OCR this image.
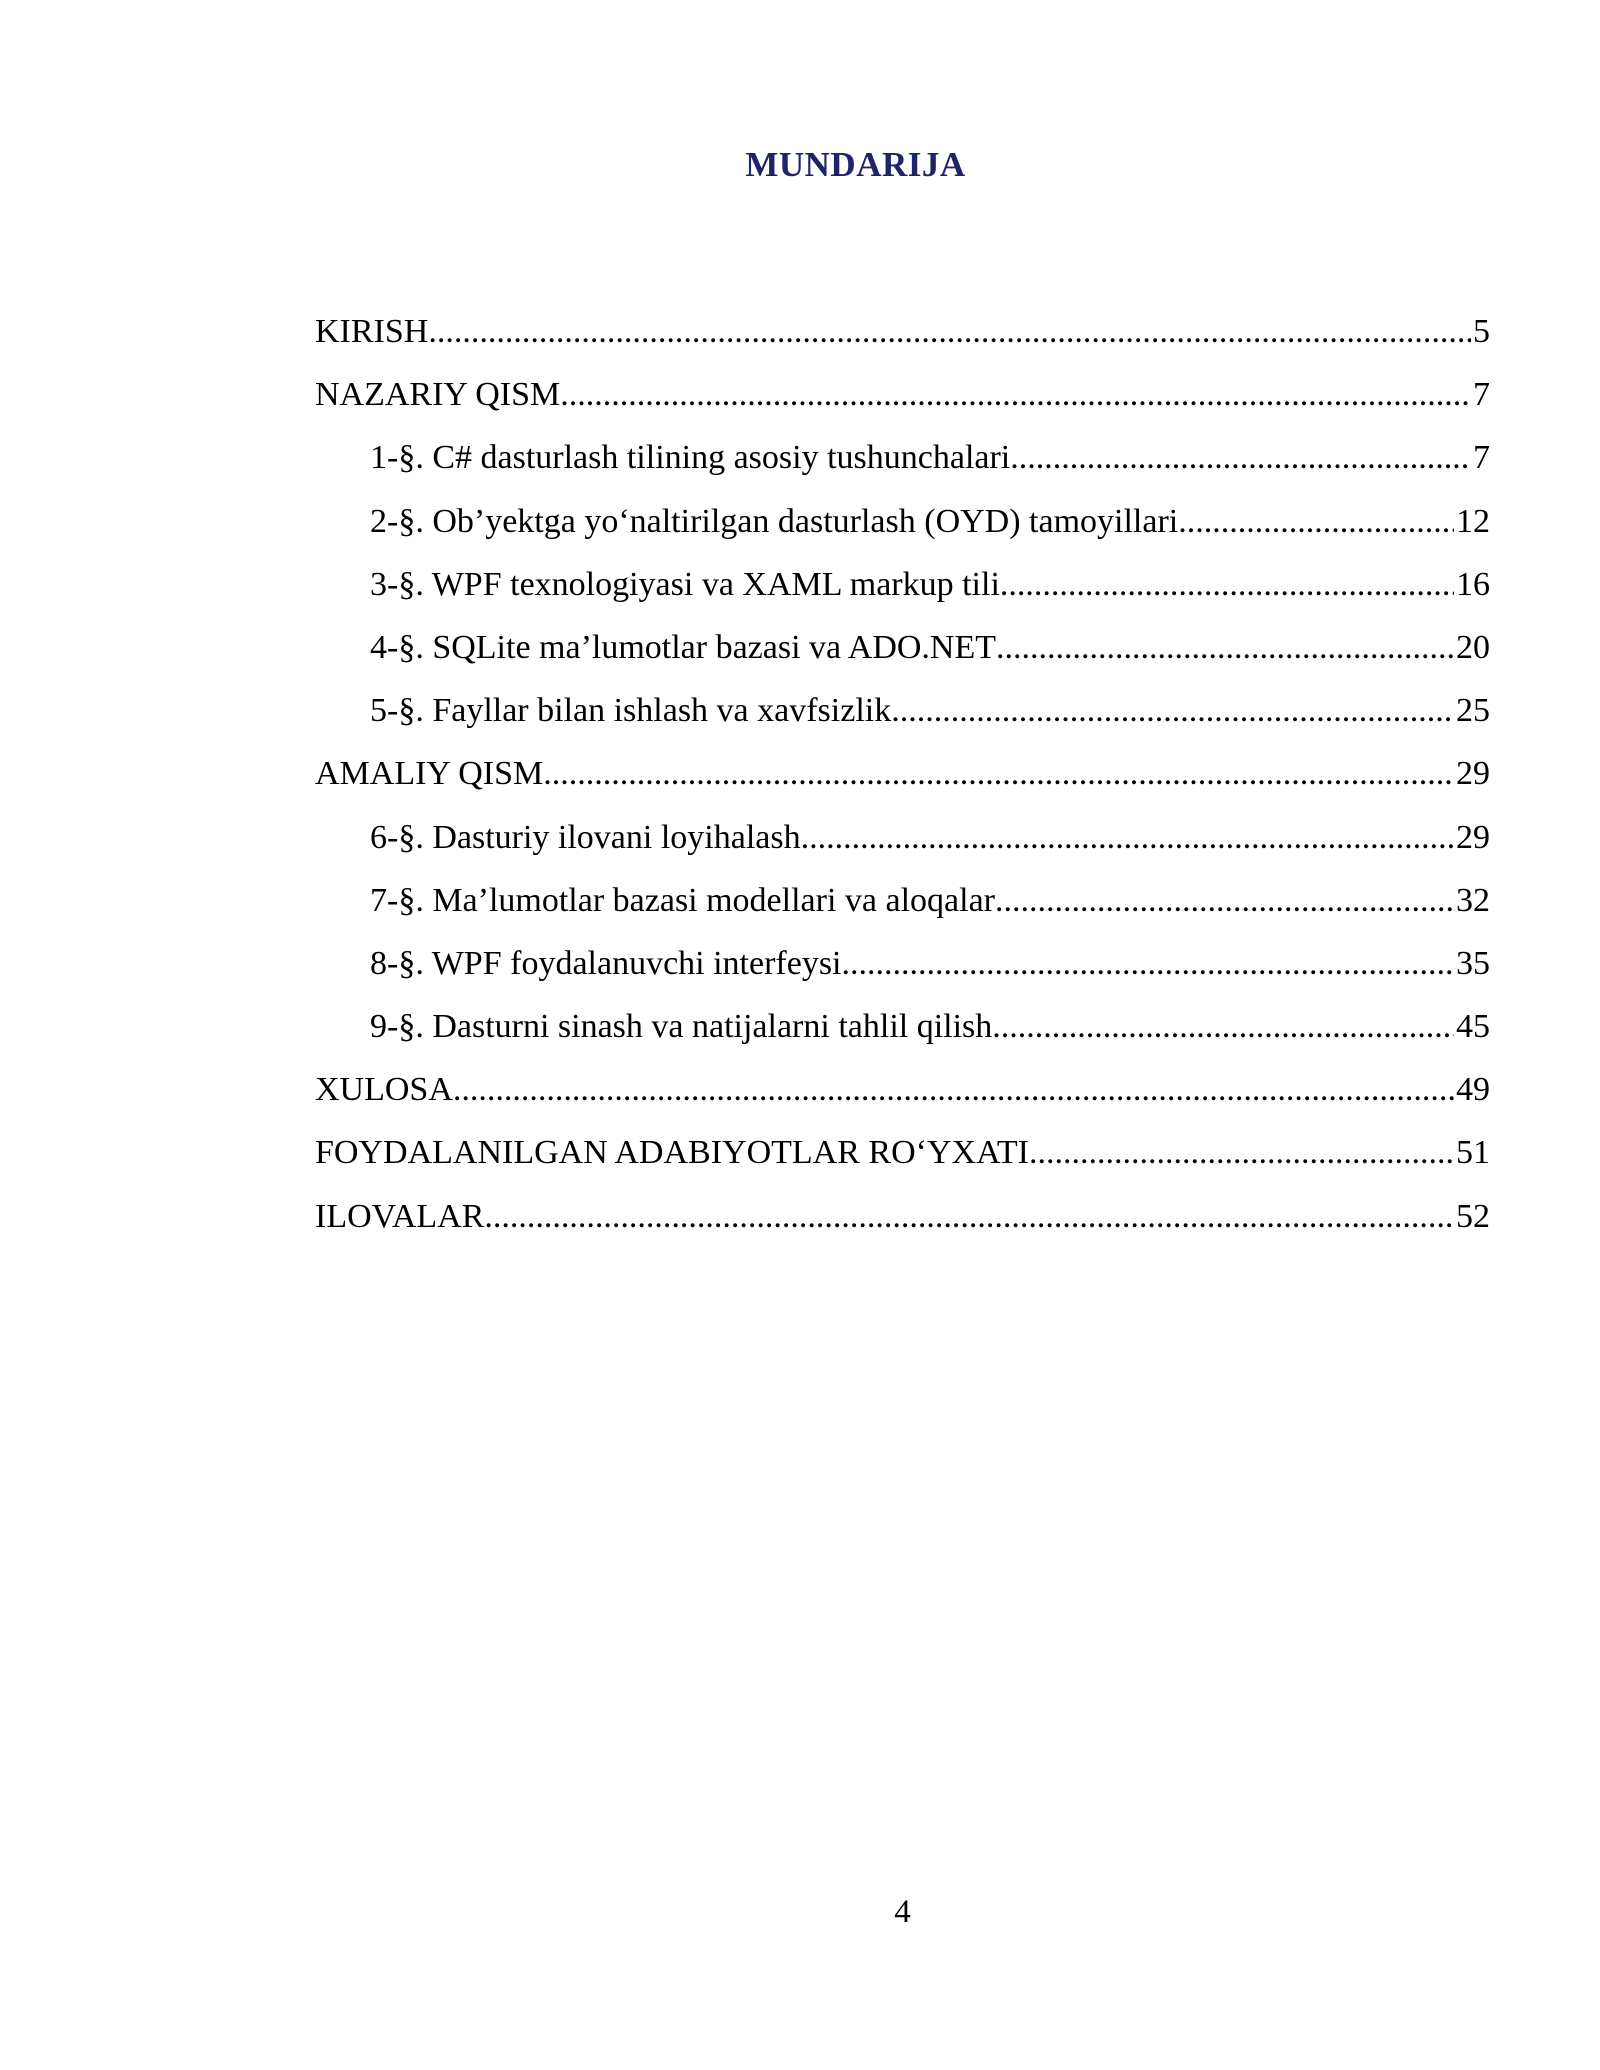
MUNDARIJA
KIRISH .....	5
NAZARIY QISM .....	7
1-§. C# dasturlash tilining asosiy tushunchalari .....	7
2-§. Ob’yektga yo‘naltirilgan dasturlash (OYD) tamoyillari .....	12
3-§. WPF texnologiyasi va XAML markup tili .....	16
4-§. SQLite ma’lumotlar bazasi va ADO.NET .....	20
5-§. Fayllar bilan ishlash va xavfsizlik .....	25
AMALIY QISM .....	29
6-§. Dasturiy ilovani loyihalash .....	29
7-§. Ma’lumotlar bazasi modellari va aloqalar .....	32
8-§. WPF foydalanuvchi interfeysi .....	35
9-§. Dasturni sinash va natijalarni tahlil qilish .....	45
XULOSA .....	49
FOYDALANILGAN ADABIYOTLAR RO‘YXATI .....	51
ILOVALAR .....	52
4
